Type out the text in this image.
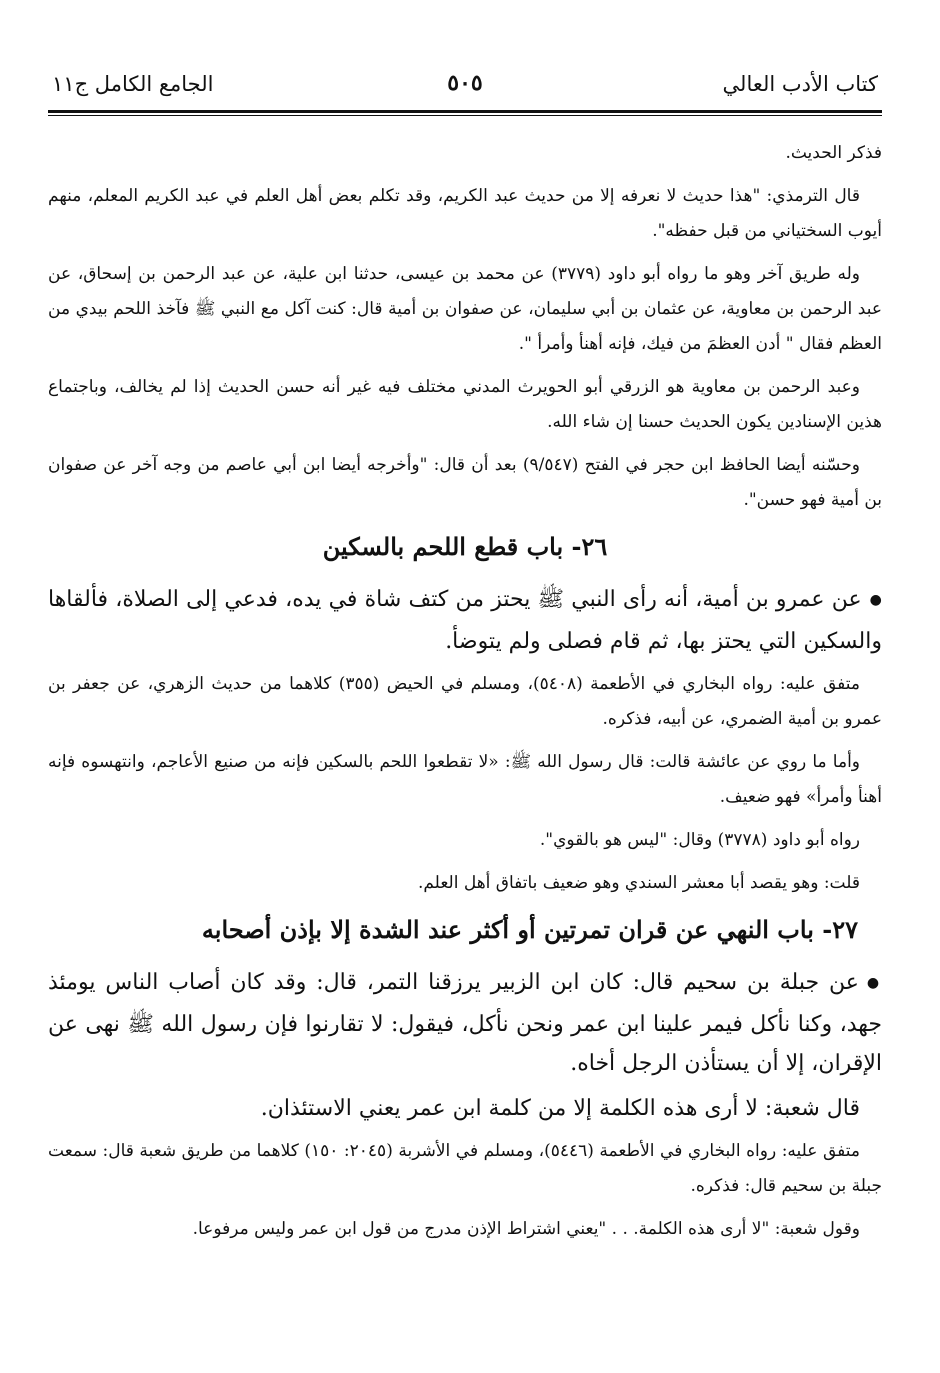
كتاب الأدب العالي
٥٠٥
الجامع الكامل ج١١

فذكر الحديث.

قال الترمذي: "هذا حديث لا نعرفه إلا من حديث عبد الكريم، وقد تكلم بعض أهل العلم في عبد الكريم المعلم، منهم أيوب السختياني من قبل حفظه".

وله طريق آخر وهو ما رواه أبو داود (٣٧٧٩) عن محمد بن عيسى، حدثنا ابن علية، عن عبد الرحمن بن إسحاق، عن عبد الرحمن بن معاوية، عن عثمان بن أبي سليمان، عن صفوان بن أمية قال: كنت آكل مع النبي ﷺ فآخذ اللحم بيدي من العظم فقال " أدن العظمَ من فيك، فإنه أهنأ وأمرأ ".

وعبد الرحمن بن معاوية هو الزرقي أبو الحويرث المدني مختلف فيه غير أنه حسن الحديث إذا لم يخالف، وباجتماع هذين الإسنادين يكون الحديث حسنا إن شاء الله.

وحسّنه أيضا الحافظ ابن حجر في الفتح (٩/٥٤٧) بعد أن قال: "وأخرجه أيضا ابن أبي عاصم من وجه آخر عن صفوان بن أمية فهو حسن".

٢٦- باب قطع اللحم بالسكين

● عن عمرو بن أمية، أنه رأى النبي ﷺ يحتز من كتف شاة في يده، فدعي إلى الصلاة، فألقاها والسكين التي يحتز بها، ثم قام فصلى ولم يتوضأ.

متفق عليه: رواه البخاري في الأطعمة (٥٤٠٨)، ومسلم في الحيض (٣٥٥) كلاهما من حديث الزهري، عن جعفر بن عمرو بن أمية الضمري، عن أبيه، فذكره.

وأما ما روي عن عائشة قالت: قال رسول الله ﷺ: «لا تقطعوا اللحم بالسكين فإنه من صنيع الأعاجم، وانتهسوه فإنه أهنأ وأمرأ» فهو ضعيف.

رواه أبو داود (٣٧٧٨) وقال: "ليس هو بالقوي".

قلت: وهو يقصد أبا معشر السندي وهو ضعيف باتفاق أهل العلم.

٢٧- باب النهي عن قران تمرتين أو أكثر عند الشدة إلا بإذن أصحابه

● عن جبلة بن سحيم قال: كان ابن الزبير يرزقنا التمر، قال: وقد كان أصاب الناس يومئذ جهد، وكنا نأكل فيمر علينا ابن عمر ونحن نأكل، فيقول: لا تقارنوا فإن رسول الله ﷺ نهى عن الإقران، إلا أن يستأذن الرجل أخاه.

قال شعبة: لا أرى هذه الكلمة إلا من كلمة ابن عمر يعني الاستئذان.

متفق عليه: رواه البخاري في الأطعمة (٥٤٤٦)، ومسلم في الأشربة (٢٠٤٥: ١٥٠) كلاهما من طريق شعبة قال: سمعت جبلة بن سحيم قال: فذكره.

وقول شعبة: "لا أرى هذه الكلمة. . . "يعني اشتراط الإذن مدرج من قول ابن عمر وليس مرفوعا.
